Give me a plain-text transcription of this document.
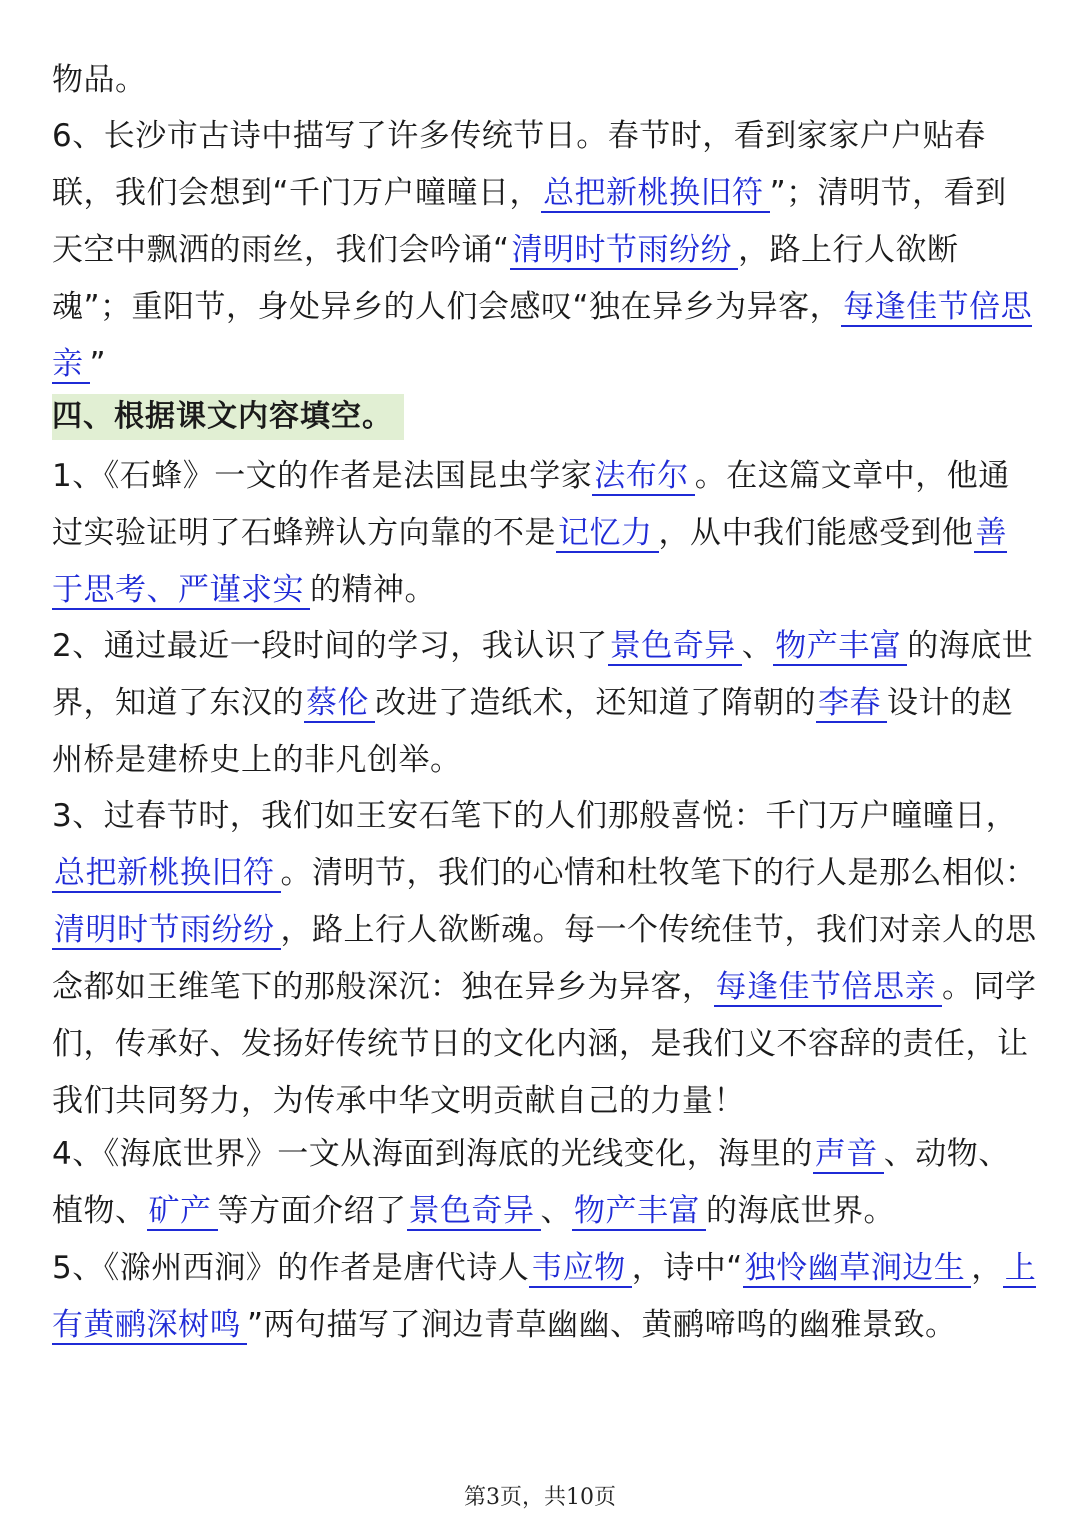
物品。
6、长沙市古诗中描写了许多传统节日。春节时，看到家家户户贴春联，我们会想到“千门万户曈曈日，总把新桃换旧符 ”；清明节，看到天空中飘洒的雨丝，我们会吟诵“清明时节雨纷纷 ，路上行人欲断魂”；重阳节，身处异乡的人们会感叹“独在异乡为异客，每逢佳节倍思亲 ”
四、根据课文内容填空。
1、《石蜂》一文的作者是法国昆虫学家法布尔 。在这篇文章中，他通过实验证明了石蜂辨认方向靠的不是记忆力 ，从中我们能感受到他善于思考、严谨求实 的精神。
2、通过最近一段时间的学习，我认识了景色奇异 、物产丰富 的海底世界，知道了东汉的蔡伦 改进了造纸术，还知道了隋朝的李春 设计的赵州桥是建桥史上的非凡创举。
3、过春节时，我们如王安石笔下的人们那般喜悦：千门万户曈曈日，总把新桃换旧符 。清明节，我们的心情和杜牧笔下的行人是那么相似：清明时节雨纷纷 ，路上行人欲断魂。每一个传统佳节，我们对亲人的思念都如王维笔下的那般深沉：独在异乡为异客，每逢佳节倍思亲 。同学们，传承好、发扬好传统节日的文化内涵，是我们义不容辞的责任，让我们共同努力，为传承中华文明贡献自己的力量！
4、《海底世界》一文从海面到海底的光线变化，海里的声音 、动物、植物、矿产 等方面介绍了景色奇异 、物产丰富 的海底世界。
5、《滁州西涧》的作者是唐代诗人韦应物 ，诗中“独怜幽草涧边生 ，上有黄鹂深树鸣 ”两句描写了涧边青草幽幽、黄鹂啼鸣的幽雅景致。
第3页，共10页
